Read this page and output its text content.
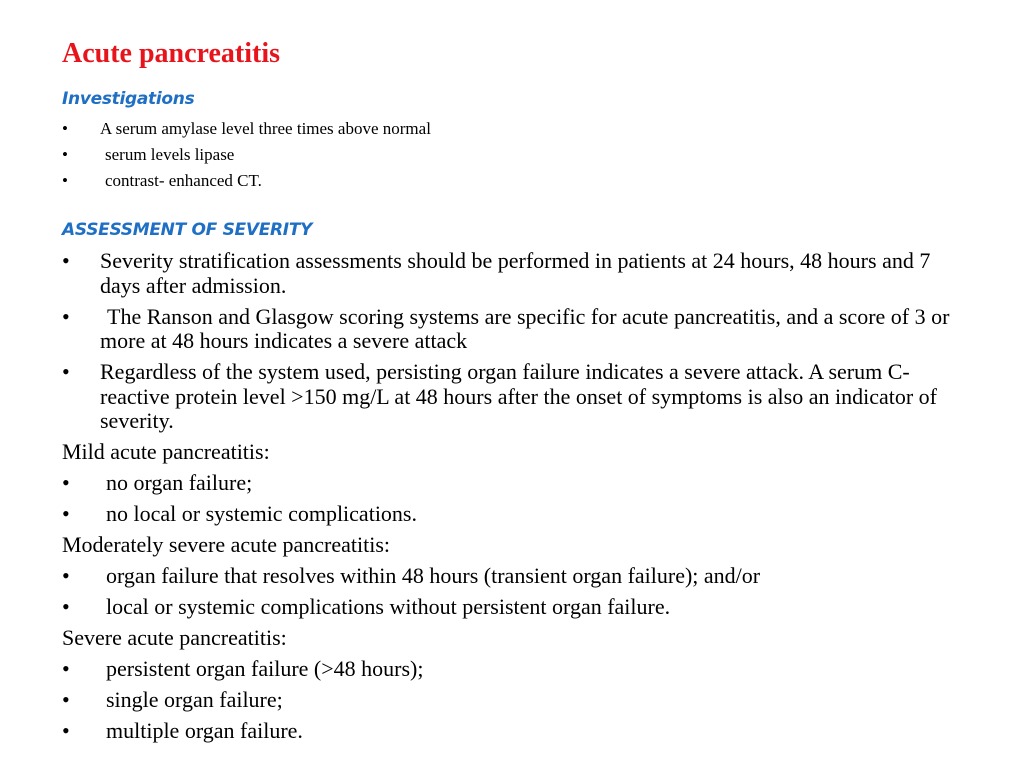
Acute pancreatitis
Investigations
• A serum amylase level three times above normal
• serum levels lipase
• contrast- enhanced CT.
ASSESSMENT OF SEVERITY
• Severity stratification assessments should be performed in patients at 24 hours, 48 hours and 7 days after admission.
• The Ranson and Glasgow scoring systems are specific for acute pancreatitis, and a score of 3 or more at 48 hours indicates a severe attack
• Regardless of the system used, persisting organ failure indicates a severe attack. A serum C-reactive protein level >150 mg/L at 48 hours after the onset of symptoms is also an indicator of severity.

Mild acute pancreatitis:

• no organ failure;
• no local or systemic complications.

Moderately severe acute pancreatitis:

• organ failure that resolves within 48 hours (transient organ failure); and/or
• local or systemic complications without persistent organ failure.

Severe acute pancreatitis:

• persistent organ failure (>48 hours);
• single organ failure;
• multiple organ failure.
